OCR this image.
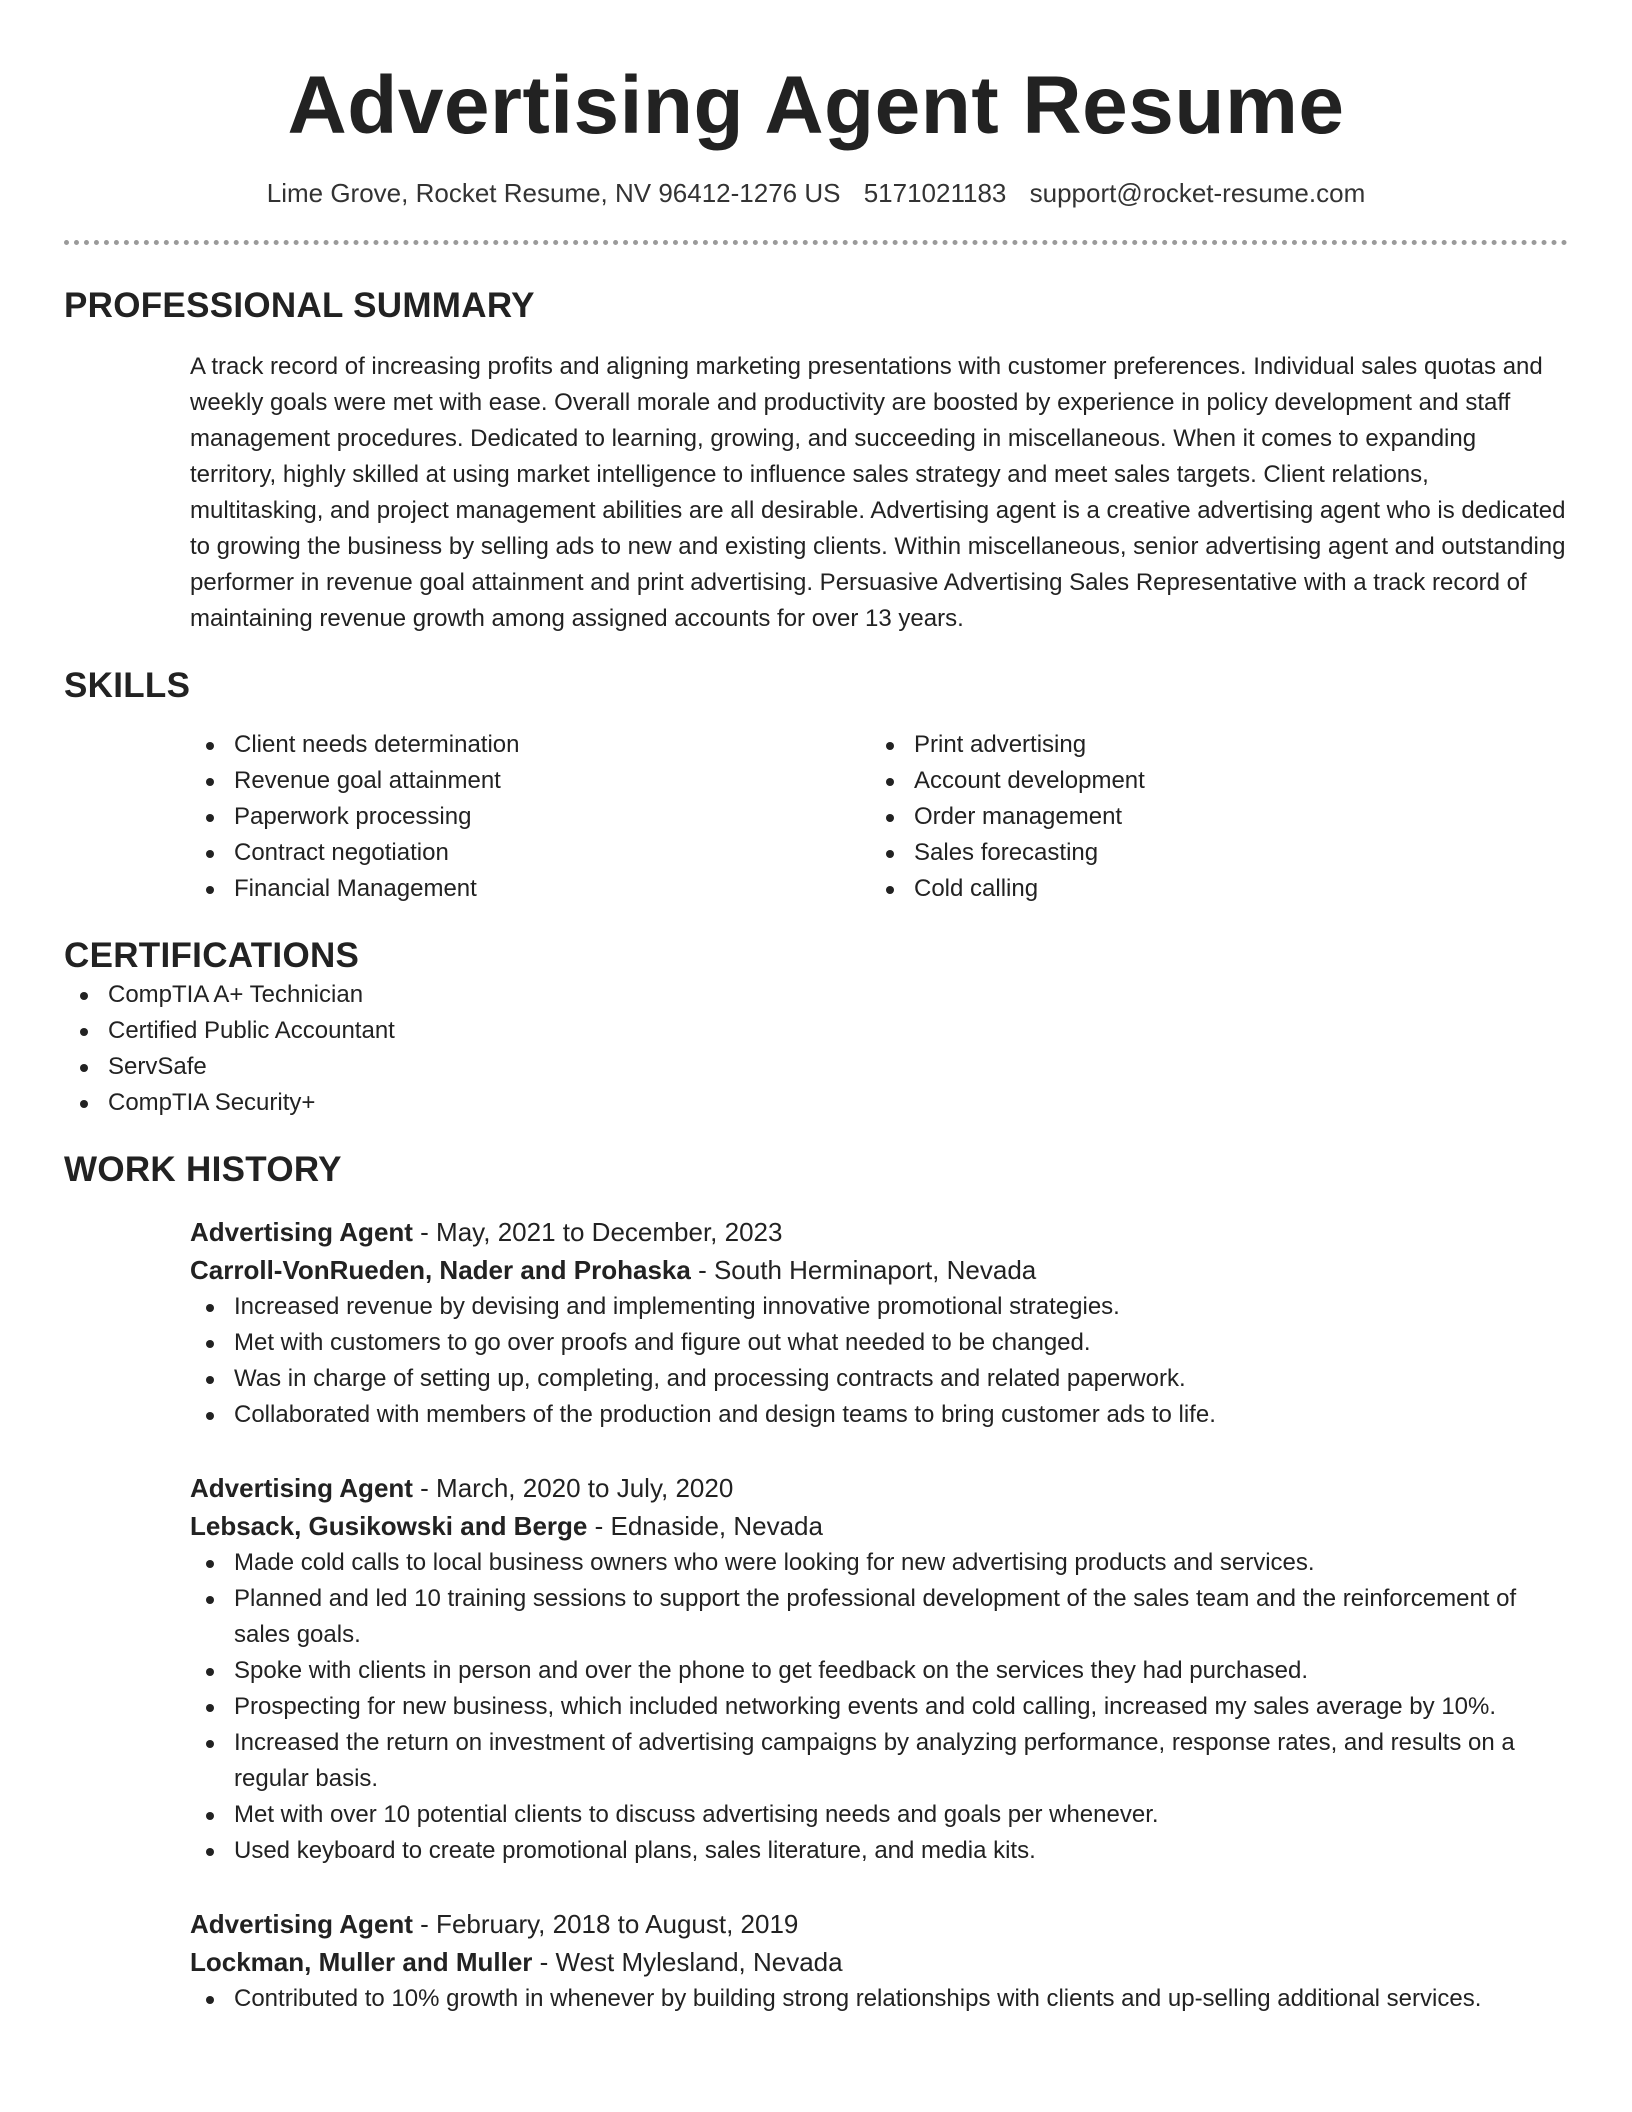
Advertising Agent Resume
Lime Grove, Rocket Resume, NV 96412-1276 US 5171021183 support@rocket-resume.com
PROFESSIONAL SUMMARY
A track record of increasing profits and aligning marketing presentations with customer preferences. Individual sales quotas and weekly goals were met with ease. Overall morale and productivity are boosted by experience in policy development and staff management procedures. Dedicated to learning, growing, and succeeding in miscellaneous. When it comes to expanding territory, highly skilled at using market intelligence to influence sales strategy and meet sales targets. Client relations, multitasking, and project management abilities are all desirable. Advertising agent is a creative advertising agent who is dedicated to growing the business by selling ads to new and existing clients. Within miscellaneous, senior advertising agent and outstanding performer in revenue goal attainment and print advertising. Persuasive Advertising Sales Representative with a track record of maintaining revenue growth among assigned accounts for over 13 years.
SKILLS
Client needs determination
Revenue goal attainment
Paperwork processing
Contract negotiation
Financial Management
Print advertising
Account development
Order management
Sales forecasting
Cold calling
CERTIFICATIONS
CompTIA A+ Technician
Certified Public Accountant
ServSafe
CompTIA Security+
WORK HISTORY
Advertising Agent - May, 2021 to December, 2023
Carroll-VonRueden, Nader and Prohaska - South Herminaport, Nevada
Increased revenue by devising and implementing innovative promotional strategies.
Met with customers to go over proofs and figure out what needed to be changed.
Was in charge of setting up, completing, and processing contracts and related paperwork.
Collaborated with members of the production and design teams to bring customer ads to life.
Advertising Agent - March, 2020 to July, 2020
Lebsack, Gusikowski and Berge - Ednaside, Nevada
Made cold calls to local business owners who were looking for new advertising products and services.
Planned and led 10 training sessions to support the professional development of the sales team and the reinforcement of sales goals.
Spoke with clients in person and over the phone to get feedback on the services they had purchased.
Prospecting for new business, which included networking events and cold calling, increased my sales average by 10%.
Increased the return on investment of advertising campaigns by analyzing performance, response rates, and results on a regular basis.
Met with over 10 potential clients to discuss advertising needs and goals per whenever.
Used keyboard to create promotional plans, sales literature, and media kits.
Advertising Agent - February, 2018 to August, 2019
Lockman, Muller and Muller - West Mylesland, Nevada
Contributed to 10% growth in whenever by building strong relationships with clients and up-selling additional services.
